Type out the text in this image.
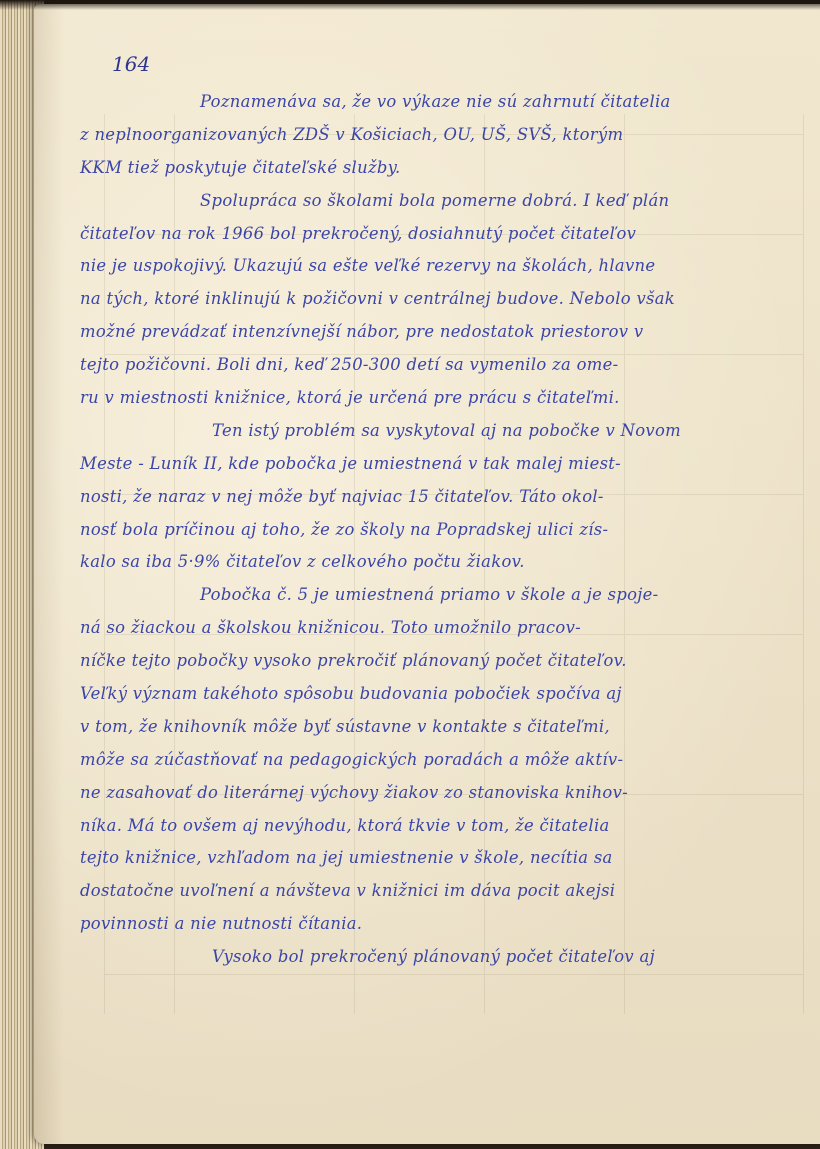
164
Poznamenáva sa, že vo výkaze nie sú zahrnutí čitatelia
z neplnoorganizovaných ZDŠ v Košiciach, OU, UŠ, SVŠ, ktorým
KKM tiež poskytuje čitateľské služby.
Spolupráca so školami bola pomerne dobrá. I keď plán
čitateľov na rok 1966 bol prekročený, dosiahnutý počet čitateľov
nie je uspokojivý. Ukazujú sa ešte veľké rezervy na školách, hlavne
na tých, ktoré inklinujú k požičovni v centrálnej budove. Nebolo však
možné prevádzať intenzívnejší nábor, pre nedostatok priestorov v
tejto požičovni. Boli dni, keď 250-300 detí sa vymenilo za ome-
ru v miestnosti knižnice, ktorá je určená pre prácu s čitateľmi.
Ten istý problém sa vyskytoval aj na pobočke v Novom
Meste - Luník II, kde pobočka je umiestnená v tak malej miest-
nosti, že naraz v nej môže byť najviac 15 čitateľov. Táto okol-
nosť bola príčinou aj toho, že zo školy na Popradskej ulici zís-
kalo sa iba 5·9% čitateľov z celkového počtu žiakov.
Pobočka č. 5 je umiestnená priamo v škole a je spoje-
ná so žiackou a školskou knižnicou. Toto umožnilo pracov-
níčke tejto pobočky vysoko prekročiť plánovaný počet čitateľov.
Veľký význam takéhoto spôsobu budovania pobočiek spočíva aj
v tom, že knihovník môže byť sústavne v kontakte s čitateľmi,
môže sa zúčastňovať na pedagogických poradách a môže aktív-
ne zasahovať do literárnej výchovy žiakov zo stanoviska knihov-
níka. Má to ovšem aj nevýhodu, ktorá tkvie v tom, že čitatelia
tejto knižnice, vzhľadom na jej umiestnenie v škole, necítia sa
dostatočne uvoľnení a návšteva v knižnici im dáva pocit akejsi
povinnosti a nie nutnosti čítania.
Vysoko bol prekročený plánovaný počet čitateľov aj
